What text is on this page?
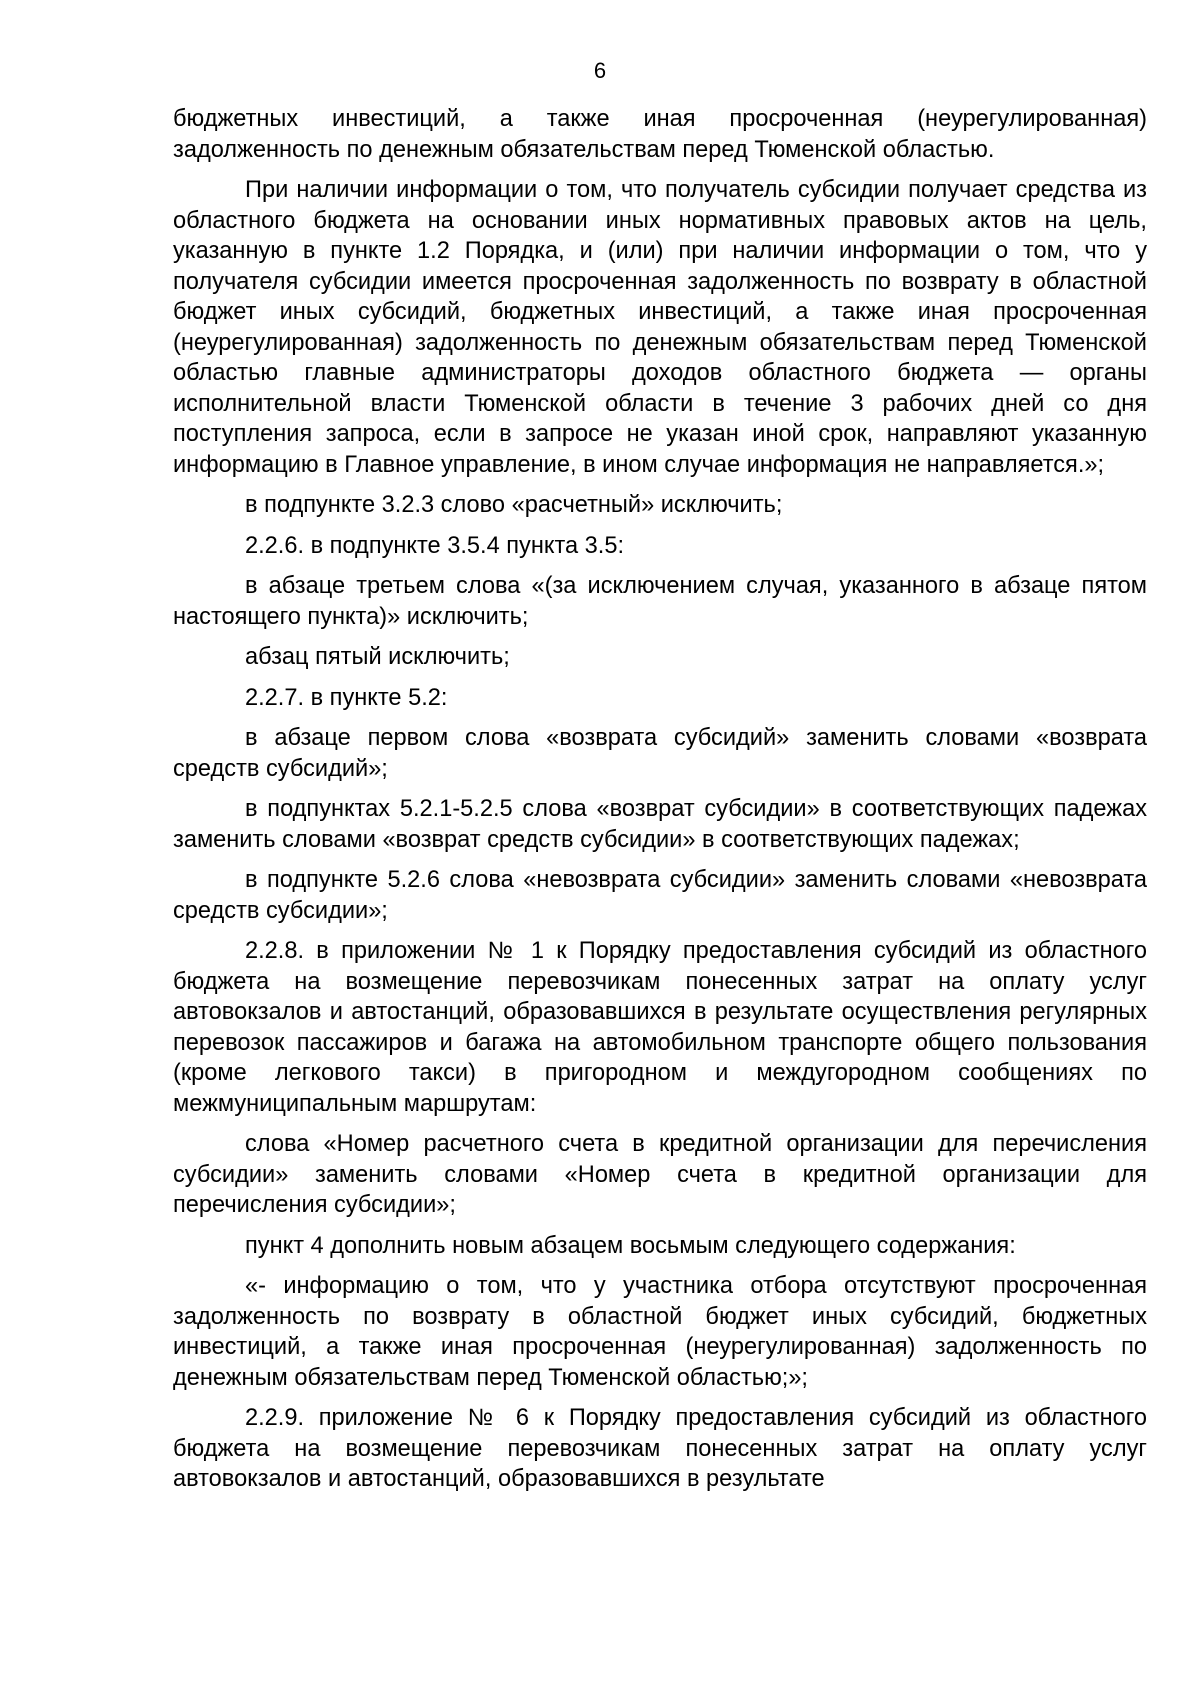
6

бюджетных инвестиций, а также иная просроченная (неурегулированная) задолженность по денежным обязательствам перед Тюменской областью.

При наличии информации о том, что получатель субсидии получает средства из областного бюджета на основании иных нормативных правовых актов на цель, указанную в пункте 1.2 Порядка, и (или) при наличии информации о том, что у получателя субсидии имеется просроченная задолженность по возврату в областной бюджет иных субсидий, бюджетных инвестиций, а также иная просроченная (неурегулированная) задолженность по денежным обязательствам перед Тюменской областью главные администраторы доходов областного бюджета — органы исполнительной власти Тюменской области в течение 3 рабочих дней со дня поступления запроса, если в запросе не указан иной срок, направляют указанную информацию в Главное управление, в ином случае информация не направляется.»;

в подпункте 3.2.3 слово «расчетный» исключить;

2.2.6. в подпункте 3.5.4 пункта 3.5:

в абзаце третьем слова «(за исключением случая, указанного в абзаце пятом настоящего пункта)» исключить;

абзац пятый исключить;

2.2.7. в пункте 5.2:

в абзаце первом слова «возврата субсидий» заменить словами «возврата средств субсидий»;

в подпунктах 5.2.1-5.2.5 слова «возврат субсидии» в соответствующих падежах заменить словами «возврат средств субсидии» в соответствующих падежах;

в подпункте 5.2.6 слова «невозврата субсидии» заменить словами «невозврата средств субсидии»;

2.2.8. в приложении № 1 к Порядку предоставления субсидий из областного бюджета на возмещение перевозчикам понесенных затрат на оплату услуг автовокзалов и автостанций, образовавшихся в результате осуществления регулярных перевозок пассажиров и багажа на автомобильном транспорте общего пользования (кроме легкового такси) в пригородном и междугородном сообщениях по межмуниципальным маршрутам:

слова «Номер расчетного счета в кредитной организации для перечисления субсидии» заменить словами «Номер счета в кредитной организации для перечисления субсидии»;

пункт 4 дополнить новым абзацем восьмым следующего содержания:

«- информацию о том, что у участника отбора отсутствуют просроченная задолженность по возврату в областной бюджет иных субсидий, бюджетных инвестиций, а также иная просроченная (неурегулированная) задолженность по денежным обязательствам перед Тюменской областью;»;

2.2.9. приложение № 6 к Порядку предоставления субсидий из областного бюджета на возмещение перевозчикам понесенных затрат на оплату услуг автовокзалов и автостанций, образовавшихся в результате
